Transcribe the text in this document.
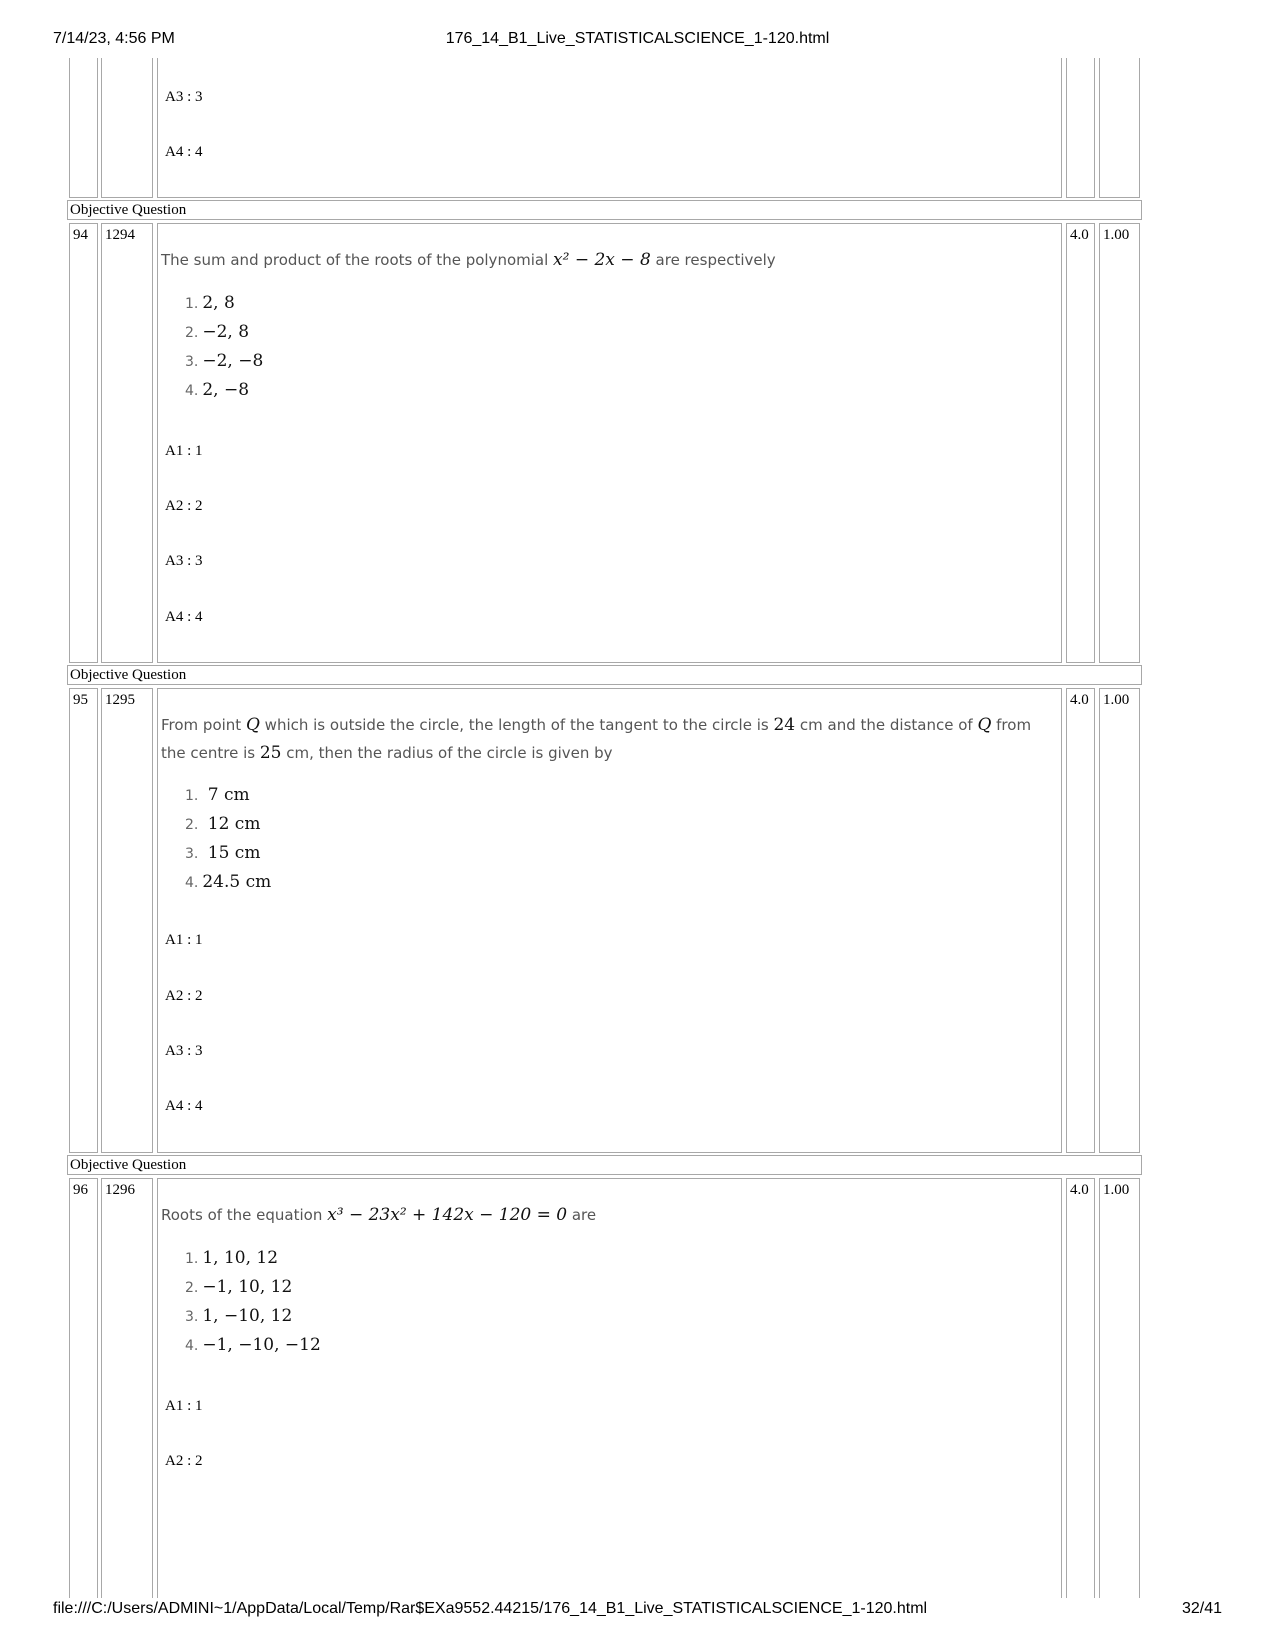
7/14/23, 4:56 PM	176_14_B1_Live_STATISTICALSCIENCE_1-120.html
A3 : 3
A4 : 4
Objective Question
94 1294
The sum and product of the roots of the polynomial x² − 2x − 8 are respectively
1. 2, 8
2. −2, 8
3. −2, −8
4. 2, −8
A1 : 1
A2 : 2
A3 : 3
A4 : 4
4.0 1.00
Objective Question
95 1295
From point Q which is outside the circle, the length of the tangent to the circle is 24 cm and the distance of Q from the centre is 25 cm, then the radius of the circle is given by
1. 7 cm
2. 12 cm
3. 15 cm
4. 24.5 cm
A1 : 1
A2 : 2
A3 : 3
A4 : 4
4.0 1.00
Objective Question
96 1296
Roots of the equation x³ − 23x² + 142x − 120 = 0 are
1. 1, 10, 12
2. −1, 10, 12
3. 1, −10, 12
4. −1, −10, −12
A1 : 1
A2 : 2
4.0 1.00
file:///C:/Users/ADMINI~1/AppData/Local/Temp/Rar$EXa9552.44215/176_14_B1_Live_STATISTICALSCIENCE_1-120.html	32/41
